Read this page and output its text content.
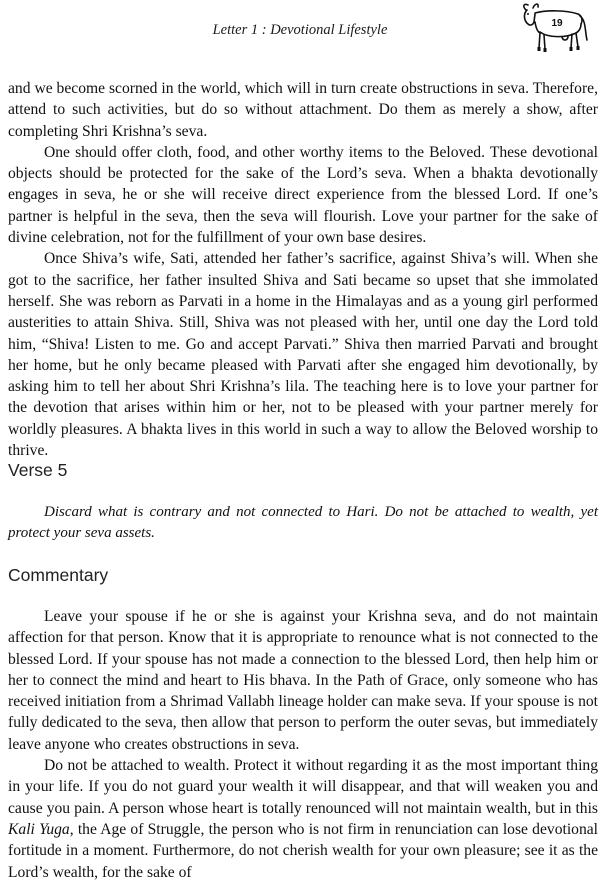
Letter 1 : Devotional Lifestyle	19

and we become scorned in the world, which will in turn create obstructions in seva. Therefore, attend to such activities, but do so without attachment. Do them as merely a show, after completing Shri Krishna’s seva.

One should offer cloth, food, and other worthy items to the Beloved. These devotional objects should be protected for the sake of the Lord’s seva. When a bhakta devotionally engages in seva, he or she will receive direct experience from the blessed Lord. If one’s partner is helpful in the seva, then the seva will flourish. Love your partner for the sake of divine celebration, not for the fulfillment of your own base desires.

Once Shiva’s wife, Sati, attended her father’s sacrifice, against Shiva’s will. When she got to the sacrifice, her father insulted Shiva and Sati became so upset that she immolated herself. She was reborn as Parvati in a home in the Himalayas and as a young girl performed austerities to attain Shiva. Still, Shiva was not pleased with her, until one day the Lord told him, “Shiva! Listen to me. Go and accept Parvati.” Shiva then married Parvati and brought her home, but he only became pleased with Parvati after she engaged him devotionally, by asking him to tell her about Shri Krishna’s lila. The teaching here is to love your partner for the devotion that arises within him or her, not to be pleased with your partner merely for worldly pleasures. A bhakta lives in this world in such a way to allow the Beloved worship to thrive.

Verse 5
Discard what is contrary and not connected to Hari. Do not be attached to wealth, yet protect your seva assets.
Commentary

Leave your spouse if he or she is against your Krishna seva, and do not maintain affection for that person. Know that it is appropriate to renounce what is not connected to the blessed Lord. If your spouse has not made a connection to the blessed Lord, then help him or her to connect the mind and heart to His bhava. In the Path of Grace, only someone who has received initiation from a Shrimad Vallabh lineage holder can make seva. If your spouse is not fully dedicated to the seva, then allow that person to perform the outer sevas, but immediately leave anyone who creates obstructions in seva.

Do not be attached to wealth. Protect it without regarding it as the most important thing in your life. If you do not guard your wealth it will disappear, and that will weaken you and cause you pain. A person whose heart is totally renounced will not maintain wealth, but in this Kali Yuga, the Age of Struggle, the person who is not firm in renunciation can lose devotional fortitude in a moment. Furthermore, do not cherish wealth for your own pleasure; see it as the Lord’s wealth, for the sake of
